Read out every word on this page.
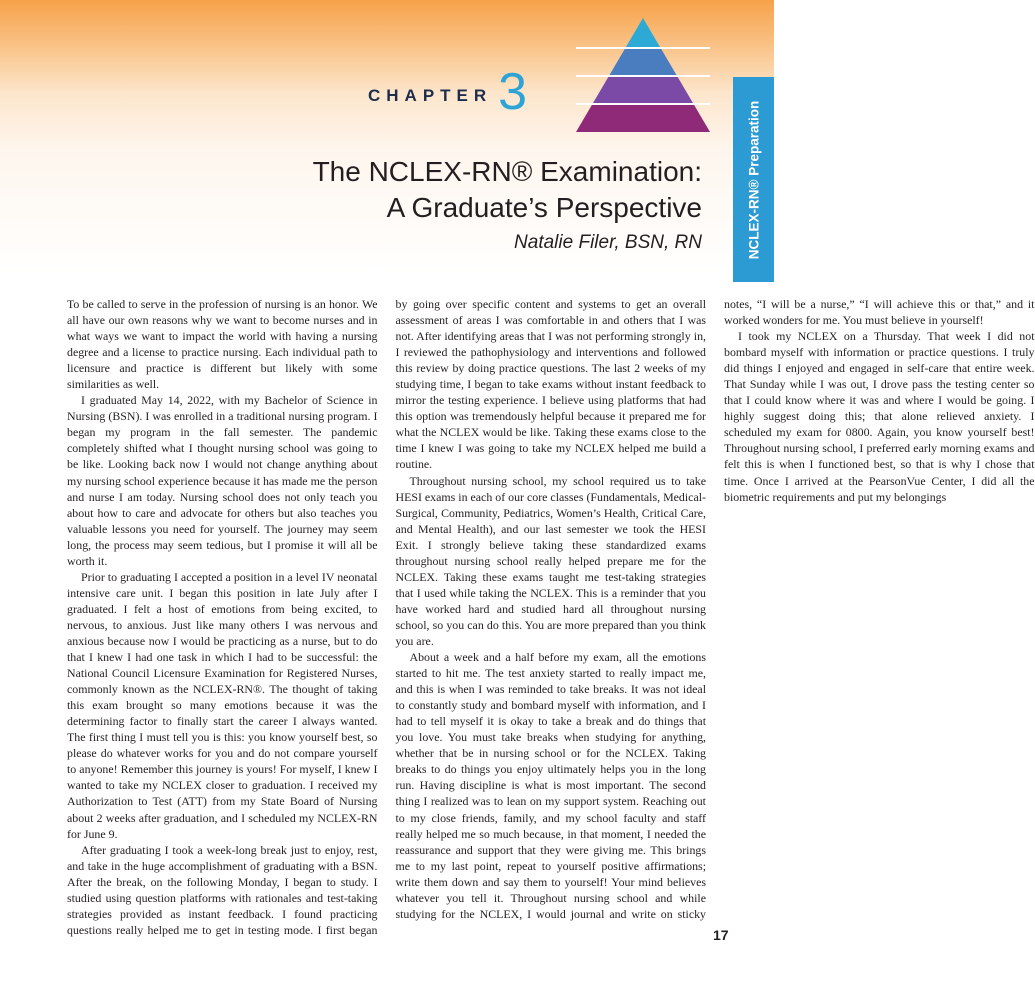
CHAPTER 3
The NCLEX-RN® Examination:
A Graduate’s Perspective
Natalie Filer, BSN, RN	NCLEX-RN® Preparation

To be called to serve in the profession of nursing is an honor. We all have our own reasons why we want to become nurses and in what ways we want to impact the world with having a nursing degree and a license to practice nursing. Each individual path to licensure and practice is different but likely with some similarities as well.

I graduated May 14, 2022, with my Bachelor of Science in Nursing (BSN). I was enrolled in a traditional nursing program. I began my program in the fall semester. The pandemic completely shifted what I thought nursing school was going to be like. Looking back now I would not change anything about my nursing school experience because it has made me the person and nurse I am today. Nursing school does not only teach you about how to care and advocate for others but also teaches you valuable lessons you need for yourself. The journey may seem long, the process may seem tedious, but I promise it will all be worth it.

Prior to graduating I accepted a position in a level IV neonatal intensive care unit. I began this position in late July after I graduated. I felt a host of emotions from being excited, to nervous, to anxious. Just like many others I was nervous and anxious because now I would be practicing as a nurse, but to do that I knew I had one task in which I had to be successful: the National Council Licensure Examination for Registered Nurses, commonly known as the NCLEX-RN®. The thought of taking this exam brought so many emotions because it was the determining factor to finally start the career I always wanted. The first thing I must tell you is this: you know yourself best, so please do whatever works for you and do not compare yourself to anyone! Remember this journey is yours! For myself, I knew I wanted to take my NCLEX closer to graduation. I received my Authorization to Test (ATT) from my State Board of Nursing about 2 weeks after graduation, and I scheduled my NCLEX-RN for June 9.

After graduating I took a week-long break just to enjoy, rest, and take in the huge accomplishment of graduating with a BSN. After the break, on the following Monday, I began to study. I studied using question platforms with rationales and test-taking strategies provided as instant feedback. I found practicing questions really helped me to get in testing mode. I first began by going over specific content and systems to get an overall assessment of areas I was comfortable in and others that I was not. After identifying areas that I was not performing strongly in, I reviewed the pathophysiology and interventions and followed this review by doing practice questions. The last 2 weeks of my studying time, I began to take exams without instant feedback to mirror the testing experience. I believe using platforms that had this option was tremendously helpful because it prepared me for what the NCLEX would be like. Taking these exams close to the time I knew I was going to take my NCLEX helped me build a routine.

Throughout nursing school, my school required us to take HESI exams in each of our core classes (Fundamentals, Medical-Surgical, Community, Pediatrics, Women’s Health, Critical Care, and Mental Health), and our last semester we took the HESI Exit. I strongly believe taking these standardized exams throughout nursing school really helped prepare me for the NCLEX. Taking these exams taught me test-taking strategies that I used while taking the NCLEX. This is a reminder that you have worked hard and studied hard all throughout nursing school, so you can do this. You are more prepared than you think you are.

About a week and a half before my exam, all the emotions started to hit me. The test anxiety started to really impact me, and this is when I was reminded to take breaks. It was not ideal to constantly study and bombard myself with information, and I had to tell myself it is okay to take a break and do things that you love. You must take breaks when studying for anything, whether that be in nursing school or for the NCLEX. Taking breaks to do things you enjoy ultimately helps you in the long run. Having discipline is what is most important. The second thing I realized was to lean on my support system. Reaching out to my close friends, family, and my school faculty and staff really helped me so much because, in that moment, I needed the reassurance and support that they were giving me. This brings me to my last point, repeat to yourself positive affirmations; write them down and say them to yourself! Your mind believes whatever you tell it. Throughout nursing school and while studying for the NCLEX, I would journal and write on sticky notes, “I will be a nurse,” “I will achieve this or that,” and it worked wonders for me. You must believe in yourself!

I took my NCLEX on a Thursday. That week I did not bombard myself with information or practice questions. I truly did things I enjoyed and engaged in self-care that entire week. That Sunday while I was out, I drove pass the testing center so that I could know where it was and where I would be going. I highly suggest doing this; that alone relieved anxiety. I scheduled my exam for 0800. Again, you know yourself best! Throughout nursing school, I preferred early morning exams and felt this is when I functioned best, so that is why I chose that time. Once I arrived at the PearsonVue Center, I did all the biometric requirements and put my belongings

17
